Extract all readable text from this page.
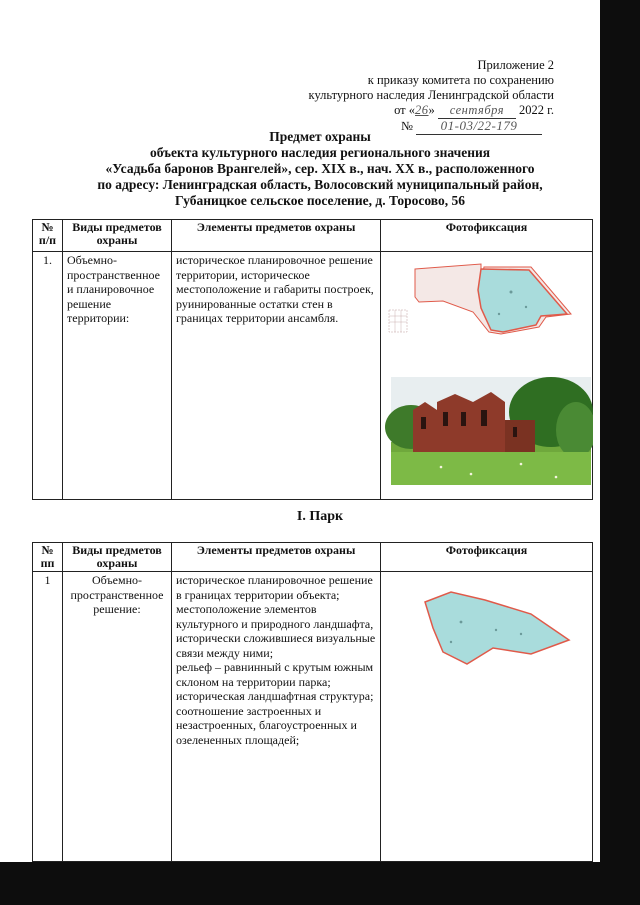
Приложение 2
к приказу комитета по сохранению
культурного наследия Ленинградской области
от «26» сентября 2022 г.
№ 01-03/22-179
Предмет охраны
объекта культурного наследия регионального значения
«Усадьба баронов Врангелей», сер. XIX в., нач. XX в., расположенного
по адресу: Ленинградская область, Волосовский муниципальный район,
Губаницкое сельское поселение, д. Торосово, 56
№ п/п	Виды предметов охраны	Элементы предметов охраны	Фотофиксация
1.	Объемно-пространственное и планировочное решение территории:	историческое планировочное решение территории, историческое местоположение и габариты построек, руинированные остатки стен в границах территории ансамбля.	
I. Парк
№ пп	Виды предметов охраны	Элементы предметов охраны	Фотофиксация
1	Объемно-пространственное решение:	историческое планировочное решение в границах территории объекта;
местоположение элементов культурного и природного ландшафта, исторически сложившиеся визуальные связи между ними;
рельеф – равнинный с крутым южным склоном на территории парка;
историческая ландшафтная структура;
соотношение застроенных и незастроенных, благоустроенных и озелененных площадей;
